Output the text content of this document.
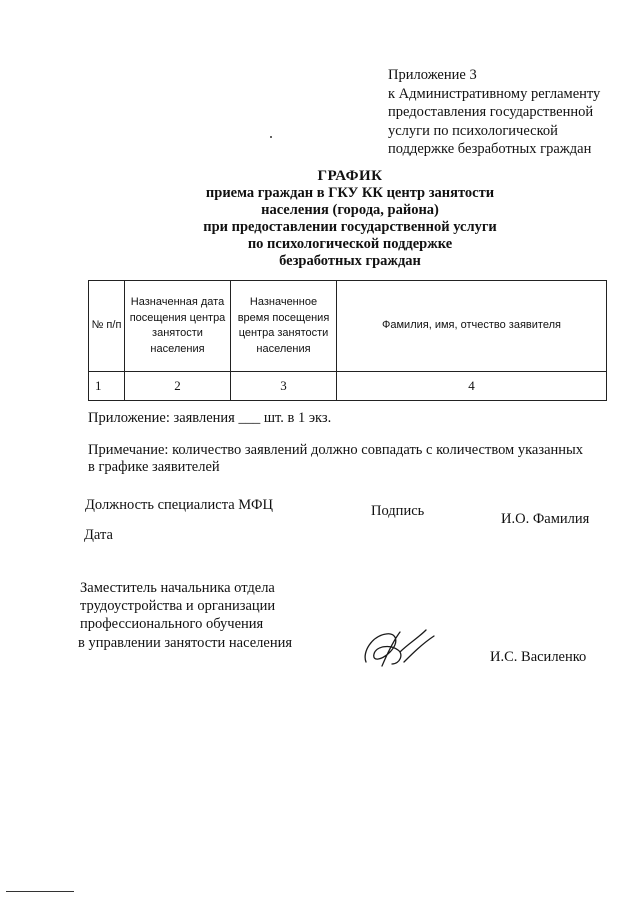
Приложение 3
к Административному регламенту
предоставления государственной
услуги по психологической
поддержке безработных граждан
ГРАФИК
приема граждан в ГКУ КК центр занятости
населения (города, района)
при предоставлении государственной услуги
по психологической поддержке
безработных граждан
№ п/п	Назначенная дата посещения центра занятости населения	Назначенное время посещения центра занятости населения	Фамилия, имя, отчество заявителя
1	2	3	4
Приложение: заявления ___ шт. в 1 экз.
Примечание: количество заявлений должно совпадать с количеством указанных
в графике заявителей
Должность специалиста МФЦ	Подпись	И.О. Фамилия
Дата
Заместитель начальника отдела
трудоустройства и организации
профессионального обучения
в управлении занятости населения
И.С. Василенко
